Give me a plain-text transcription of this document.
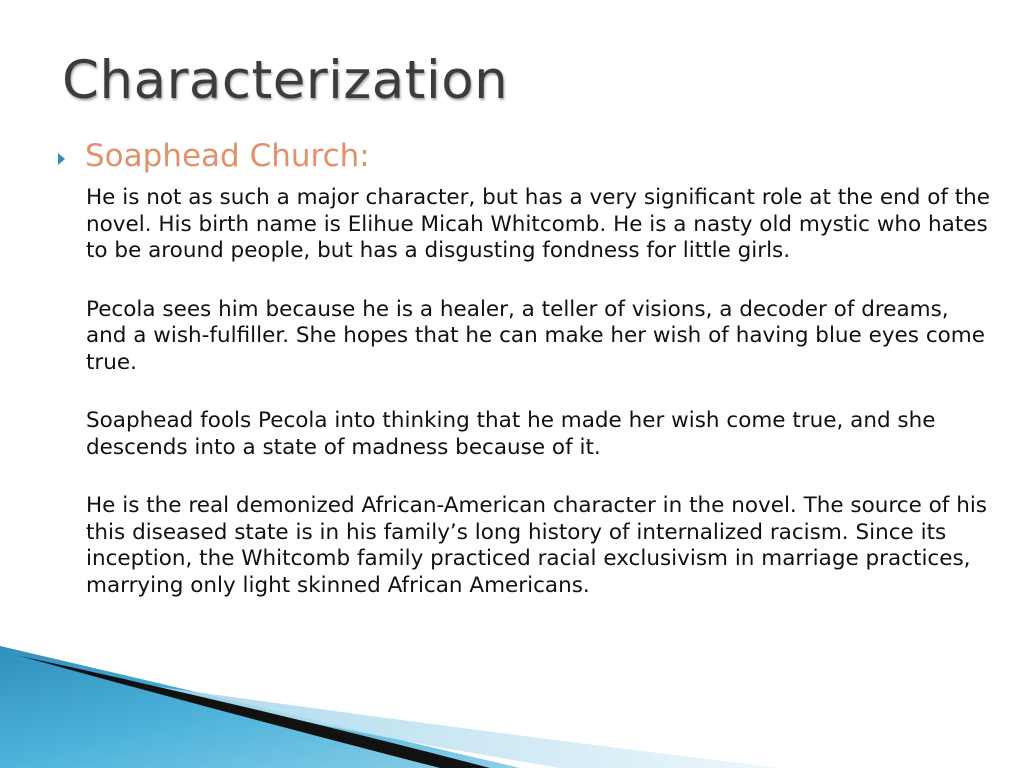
Characterization
Soaphead Church:

He is not as such a major character, but has a very significant role at the end of the novel. His birth name is Elihue Micah Whitcomb. He is a nasty old mystic who hates to be around people, but has a disgusting fondness for little girls.

Pecola sees him because he is a healer, a teller of visions, a decoder of dreams, and a wish-fulfiller. She hopes that he can make her wish of having blue eyes come true.

Soaphead fools Pecola into thinking that he made her wish come true, and she descends into a state of madness because of it.

He is the real demonized African-American character in the novel. The source of his this diseased state is in his family’s long history of internalized racism. Since its inception, the Whitcomb family practiced racial exclusivism in marriage practices, marrying only light skinned African Americans.
